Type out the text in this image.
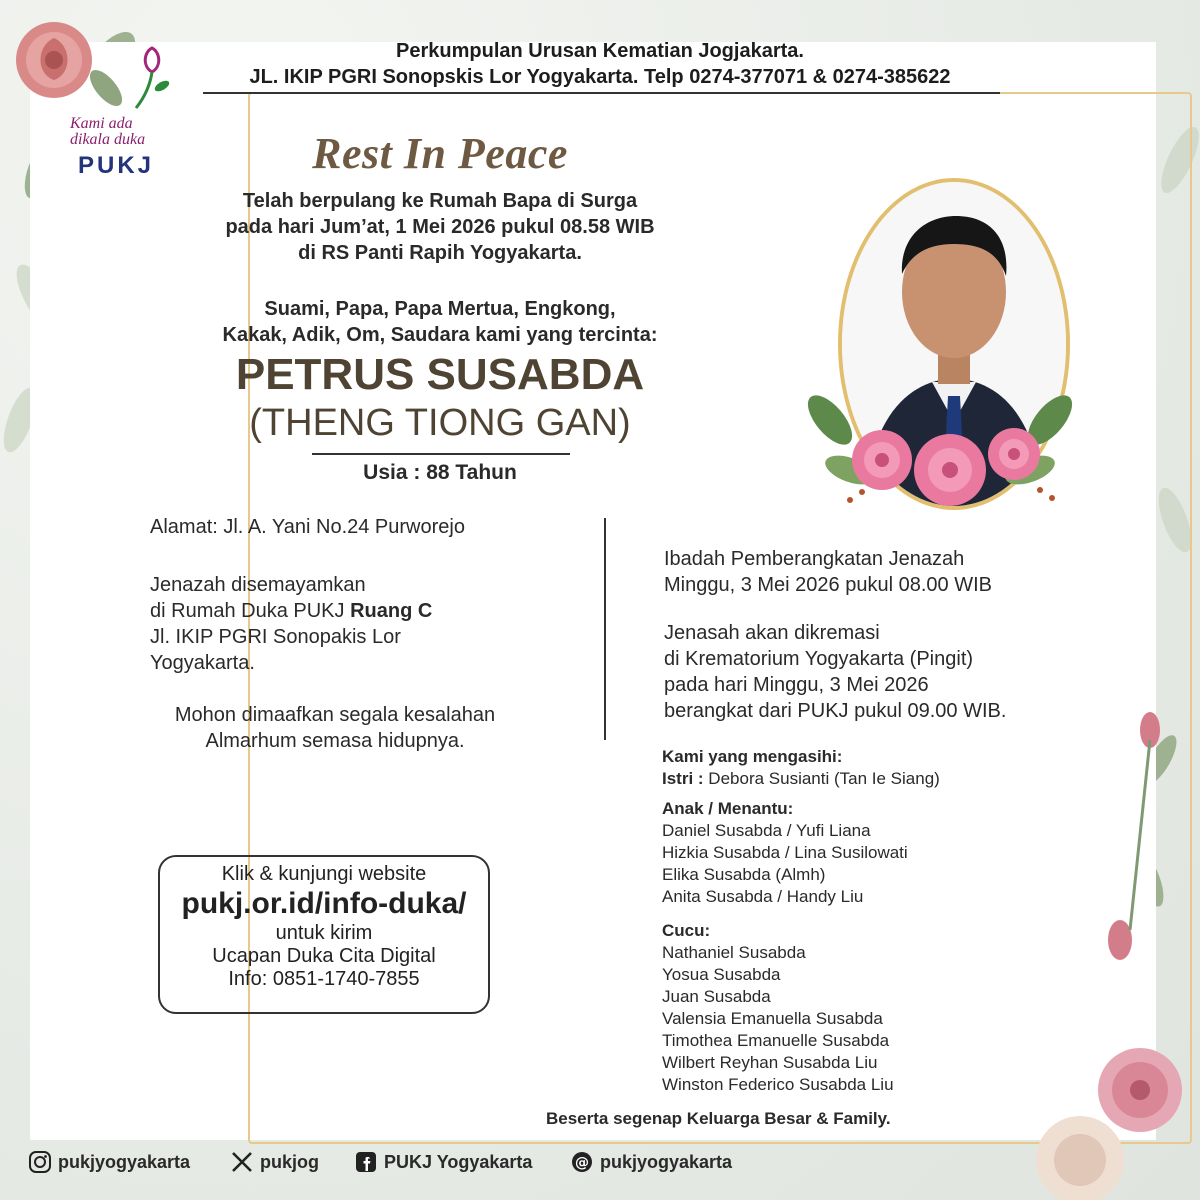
Kami ada
dikala duka
PUKJ
Perkumpulan Urusan Kematian Jogjakarta.
JL. IKIP PGRI Sonopskis Lor Yogyakarta. Telp 0274-377071 & 0274-385622
Rest In Peace
Telah berpulang ke Rumah Bapa di Surga
pada hari Jum’at, 1 Mei 2026 pukul 08.58 WIB
di RS Panti Rapih Yogyakarta.
Suami, Papa, Papa Mertua, Engkong,
Kakak, Adik, Om, Saudara kami yang tercinta:
PETRUS SUSABDA
(THENG TIONG GAN)
Usia : 88 Tahun
Alamat: Jl. A. Yani No.24 Purworejo
Jenazah disemayamkan
di Rumah Duka PUKJ Ruang C
Jl. IKIP PGRI Sonopakis Lor
Yogyakarta.
Mohon dimaafkan segala kesalahan
Almarhum semasa hidupnya.
Ibadah Pemberangkatan Jenazah
Minggu, 3 Mei 2026 pukul 08.00 WIB
Jenasah akan dikremasi
di Krematorium Yogyakarta (Pingit)
pada hari Minggu, 3 Mei 2026
berangkat dari PUKJ pukul 09.00 WIB.
Kami yang mengasihi:
Istri : Debora Susianti (Tan Ie Siang)
Anak / Menantu:
Daniel Susabda / Yufi Liana
Hizkia Susabda / Lina Susilowati
Elika Susabda (Almh)
Anita Susabda / Handy Liu
Cucu:
Nathaniel Susabda
Yosua Susabda
Juan Susabda
Valensia Emanuella Susabda
Timothea Emanuelle Susabda
Wilbert Reyhan Susabda Liu
Winston Federico Susabda Liu
Beserta segenap Keluarga Besar & Family.
Klik & kunjungi website
pukj.or.id/info-duka/
untuk kirim
Ucapan Duka Cita Digital
Info: 0851-1740-7855
pukjyogyakarta	pukjog	PUKJ Yogyakarta	@ pukjyogyakarta
